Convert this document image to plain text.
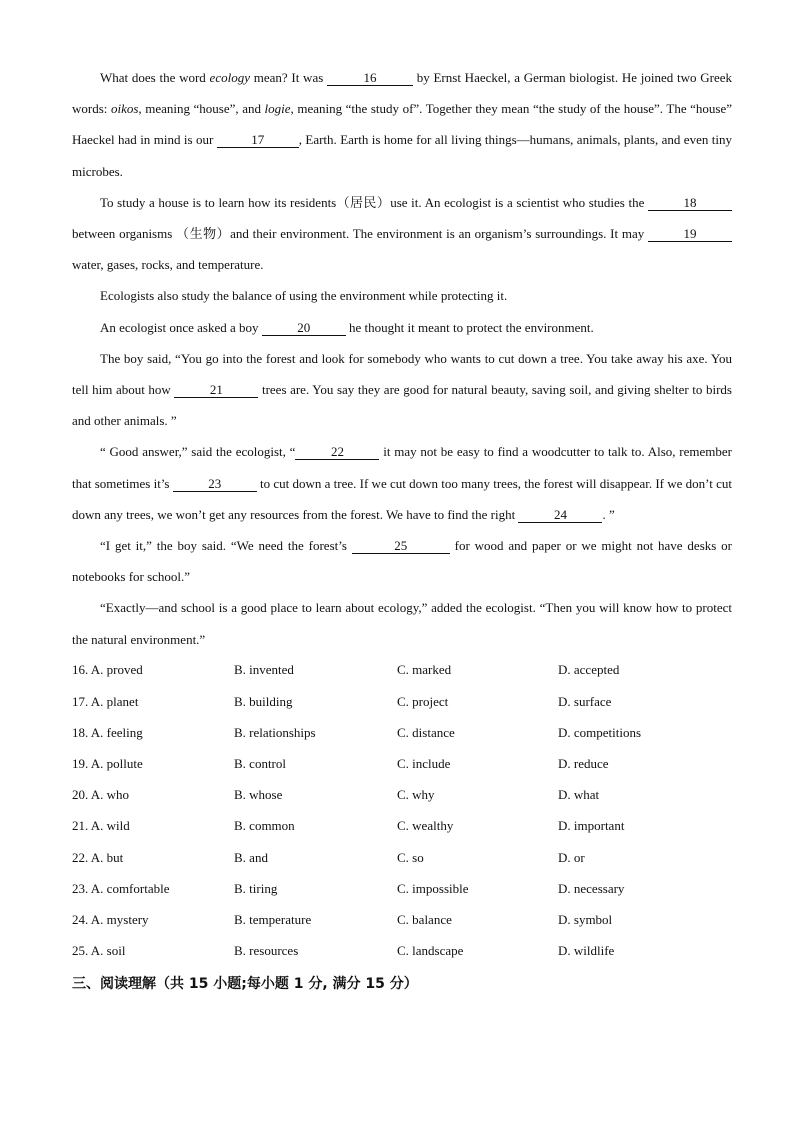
What does the word ecology mean? It was	16	by Ernst Haeckel, a German biologist. He joined two Greek words: oikos, meaning “house”, and logie, meaning “the study of”. Together they mean “the study of the house”. The “house” Haeckel had in mind is our	17	, Earth. Earth is home for all living things—humans, animals, plants, and even tiny microbes.

To study a house is to learn how its residents（居民）use it. An ecologist is a scientist who studies the	18 between organisms （生物）and their environment. The environment is an organism’s surroundings. It may	19 water, gases, rocks, and temperature.

Ecologists also study the balance of using the environment while protecting it.

An ecologist once asked a boy	20	he thought it meant to protect the environment.

The boy said, “You go into the forest and look for somebody who wants to cut down a tree. You take away his axe. You tell him about how	21	trees are. You say they are good for natural beauty, saving soil, and giving shelter to birds and other animals. ”

“ Good answer,” said the ecologist, “	22	it may not be easy to find a woodcutter to talk to. Also, remember that sometimes it’s	23	to cut down a tree. If we cut down too many trees, the forest will disappear. If we don’t cut down any trees, we won’t get any resources from the forest. We have to find the right	24	. ”

“I get it,” the boy said. “We need the forest’s	25	for wood and paper or we might not have desks or notebooks for school.”

“Exactly—and school is a good place to learn about ecology,” added the ecologist. “Then you will know how to protect the natural environment.”

16. A. proved	B. invented	C. marked	D. accepted
17. A. planet	B. building	C. project	D. surface
18. A. feeling	B. relationships	C. distance	D. competitions
19. A. pollute	B. control	C. include	D. reduce
20. A. who	B. whose	C. why	D. what
21. A. wild	B. common	C. wealthy	D. important
22. A. but	B. and	C. so	D. or
23. A. comfortable	B. tiring	C. impossible	D. necessary
24. A. mystery	B. temperature	C. balance	D. symbol
25. A. soil	B. resources	C. landscape	D. wildlife

三、阅读理解（共 15 小题;每小题 1 分, 满分 15 分）
